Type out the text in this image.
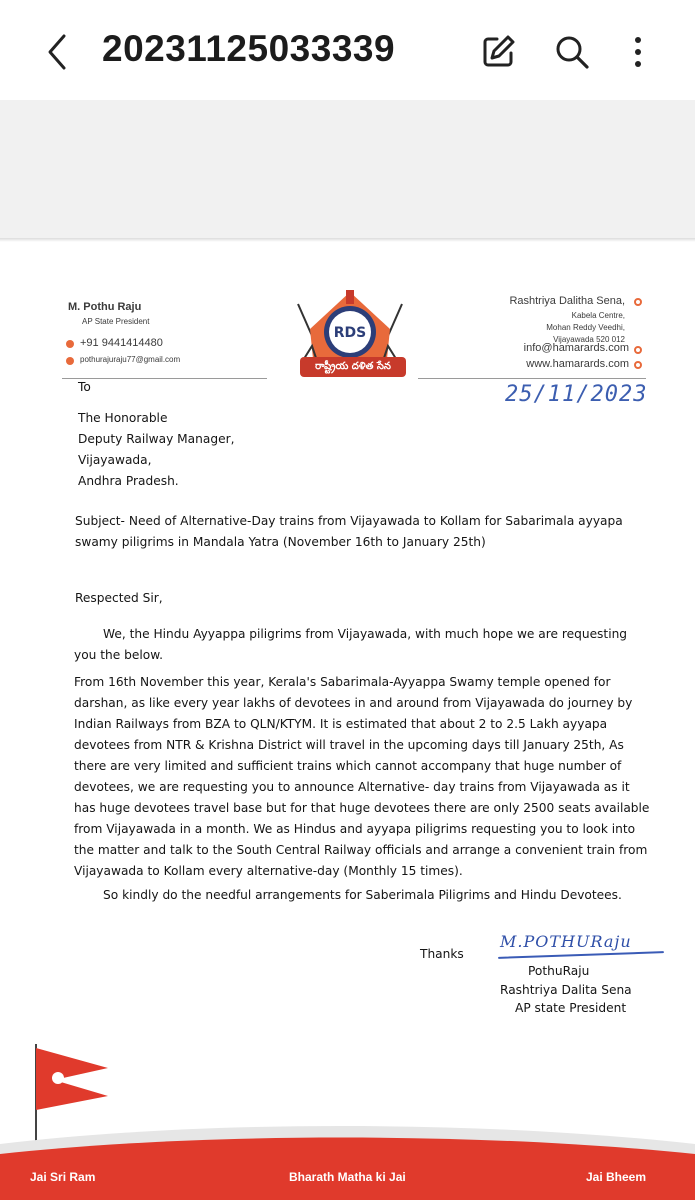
20231125033339
M. Pothu Raju
AP State President
+91 9441414480
pothurajuraju77@gmail.com
RDS
రాష్ట్రీయ దళిత సేన
Rashtriya Dalitha Sena,
Kabela Centre,
Mohan Reddy Veedhi,
Vijayawada 520 012
info@hamarards.com
www.hamarards.com
25/11/2023
To
The Honorable
Deputy Railway Manager,
Vijayawada,
Andhra Pradesh.
Subject- Need of Alternative-Day trains from Vijayawada to Kollam for Sabarimala ayyapa
swamy piligrims in Mandala Yatra (November 16th to January 25th)
Respected Sir,
We, the Hindu Ayyappa piligrims from Vijayawada, with much hope we are requesting
you the below.
From 16th November this year, Kerala's Sabarimala-Ayyappa Swamy temple opened for
darshan, as like every year lakhs of devotees in and around from Vijayawada do journey by
Indian Railways from BZA to QLN/KTYM. It is estimated that about 2 to 2.5 Lakh ayyapa
devotees from NTR & Krishna District will travel in the upcoming days till January 25th, As
there are very limited and sufficient trains which cannot accompany that huge number of
devotees, we are requesting you to announce Alternative- day trains from Vijayawada as it
has huge devotees travel base but for that huge devotees there are only 2500 seats available
from Vijayawada in a month. We as Hindus and ayyapa piligrims requesting you to look into
the matter and talk to the South Central Railway officials and arrange a convenient train from
Vijayawada to Kollam every alternative-day (Monthly 15 times).
So kindly do the needful arrangements for Saberimala Piligrims and Hindu Devotees.
Thanks
M.POTHURaju
PothuRaju
Rashtriya Dalita Sena
AP state President
RDS
Jai Sri Ram	Bharath Matha ki Jai	Jai Bheem
